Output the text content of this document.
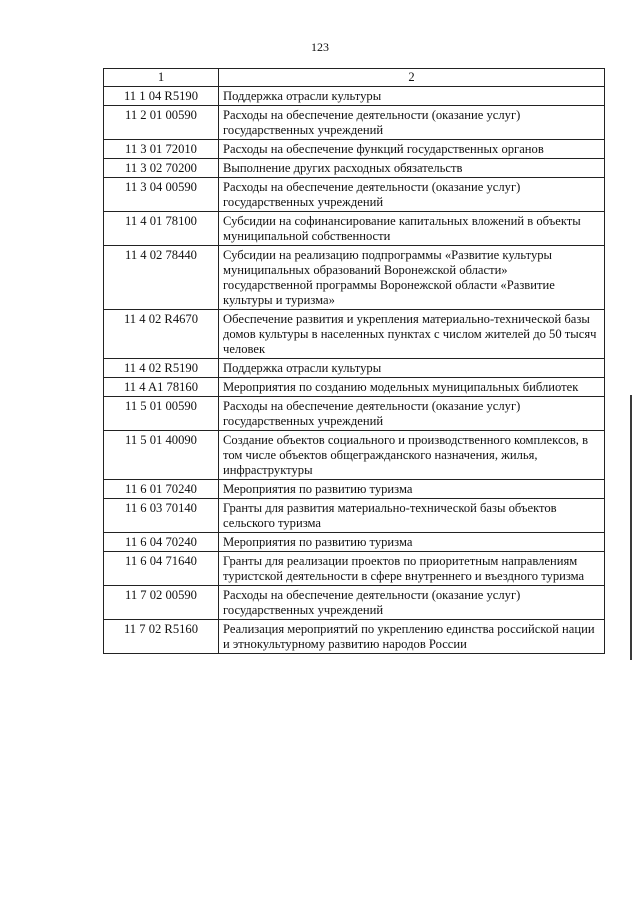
123
1	2
11 1 04 R5190	Поддержка отрасли культуры
11 2 01 00590	Расходы на обеспечение деятельности (оказание услуг) государственных учреждений
11 3 01 72010	Расходы на обеспечение функций государственных органов
11 3 02 70200	Выполнение других расходных обязательств
11 3 04 00590	Расходы на обеспечение деятельности (оказание услуг) государственных учреждений
11 4 01 78100	Субсидии на софинансирование капитальных вложений в объекты муниципальной собственности
11 4 02 78440	Субсидии на реализацию подпрограммы «Развитие культуры муниципальных образований Воронежской области» государственной программы Воронежской области «Развитие культуры и туризма»
11 4 02 R4670	Обеспечение развития и укрепления материально-технической базы домов культуры в населенных пунктах с числом жителей до 50 тысяч человек
11 4 02 R5190	Поддержка отрасли культуры
11 4 A1 78160	Мероприятия по созданию модельных муниципальных библиотек
11 5 01 00590	Расходы на обеспечение деятельности (оказание услуг) государственных учреждений
11 5 01 40090	Создание объектов социального и производственного комплексов, в том числе объектов общегражданского назначения, жилья, инфраструктуры
11 6 01 70240	Мероприятия по развитию туризма
11 6 03 70140	Гранты для развития материально-технической базы объектов сельского туризма
11 6 04 70240	Мероприятия по развитию туризма
11 6 04 71640	Гранты для реализации проектов по приоритетным направлениям туристской деятельности в сфере внутреннего и въездного туризма
11 7 02 00590	Расходы на обеспечение деятельности (оказание услуг) государственных учреждений
11 7 02 R5160	Реализация мероприятий по укреплению единства российской нации и этнокультурному развитию народов России
